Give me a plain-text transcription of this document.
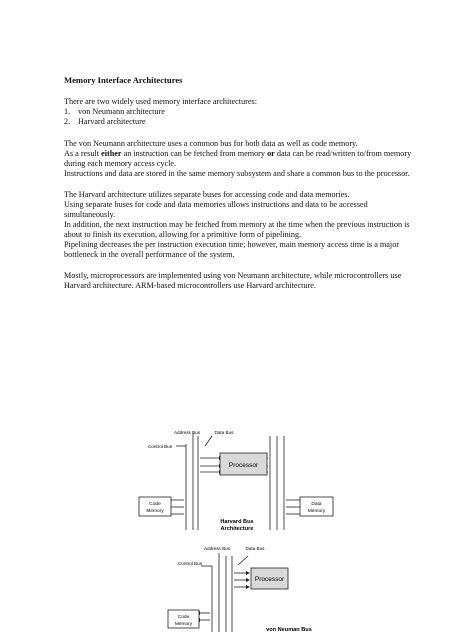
Memory Interface Architectures
There are two widely used memory interface architectures:
1. von Neumann architecture
2. Harvard architecture
The von Neumann architecture uses a common bus for both data as well as code memory.
As a result either an instruction can be fetched from memory or data can be read/written to/from memory
during each memory access cycle.
Instructions and data are stored in the same memory subsystem and share a common bus to the processor.
The Harvard architecture utilizes separate buses for accessing code and data memories.
Using separate buses for code and data memories allows instructions and data to be accessed
simultaneously.
In addition, the next instruction may be fetched from memory at the time when the previous instruction is
about to finish its execution, allowing for a primitive form of pipelining.
Pipelining decreases the per instruction execution time; however, main memory access time is a major
bottleneck in the overall performance of the system.
Mostly, microprocessors are implemented using von Neumann architecture, while microcontrollers use
Harvard architecture. ARM-based microcontrollers use Harvard architecture.
Processor
Code
Memory
Data
Memory
Address Bus	Data Bus
Control Bus
Harvard Bus
Architecture
Processor
Code
Memory
Address Bus	Data Bus
Control Bus
von Neuman Bus
